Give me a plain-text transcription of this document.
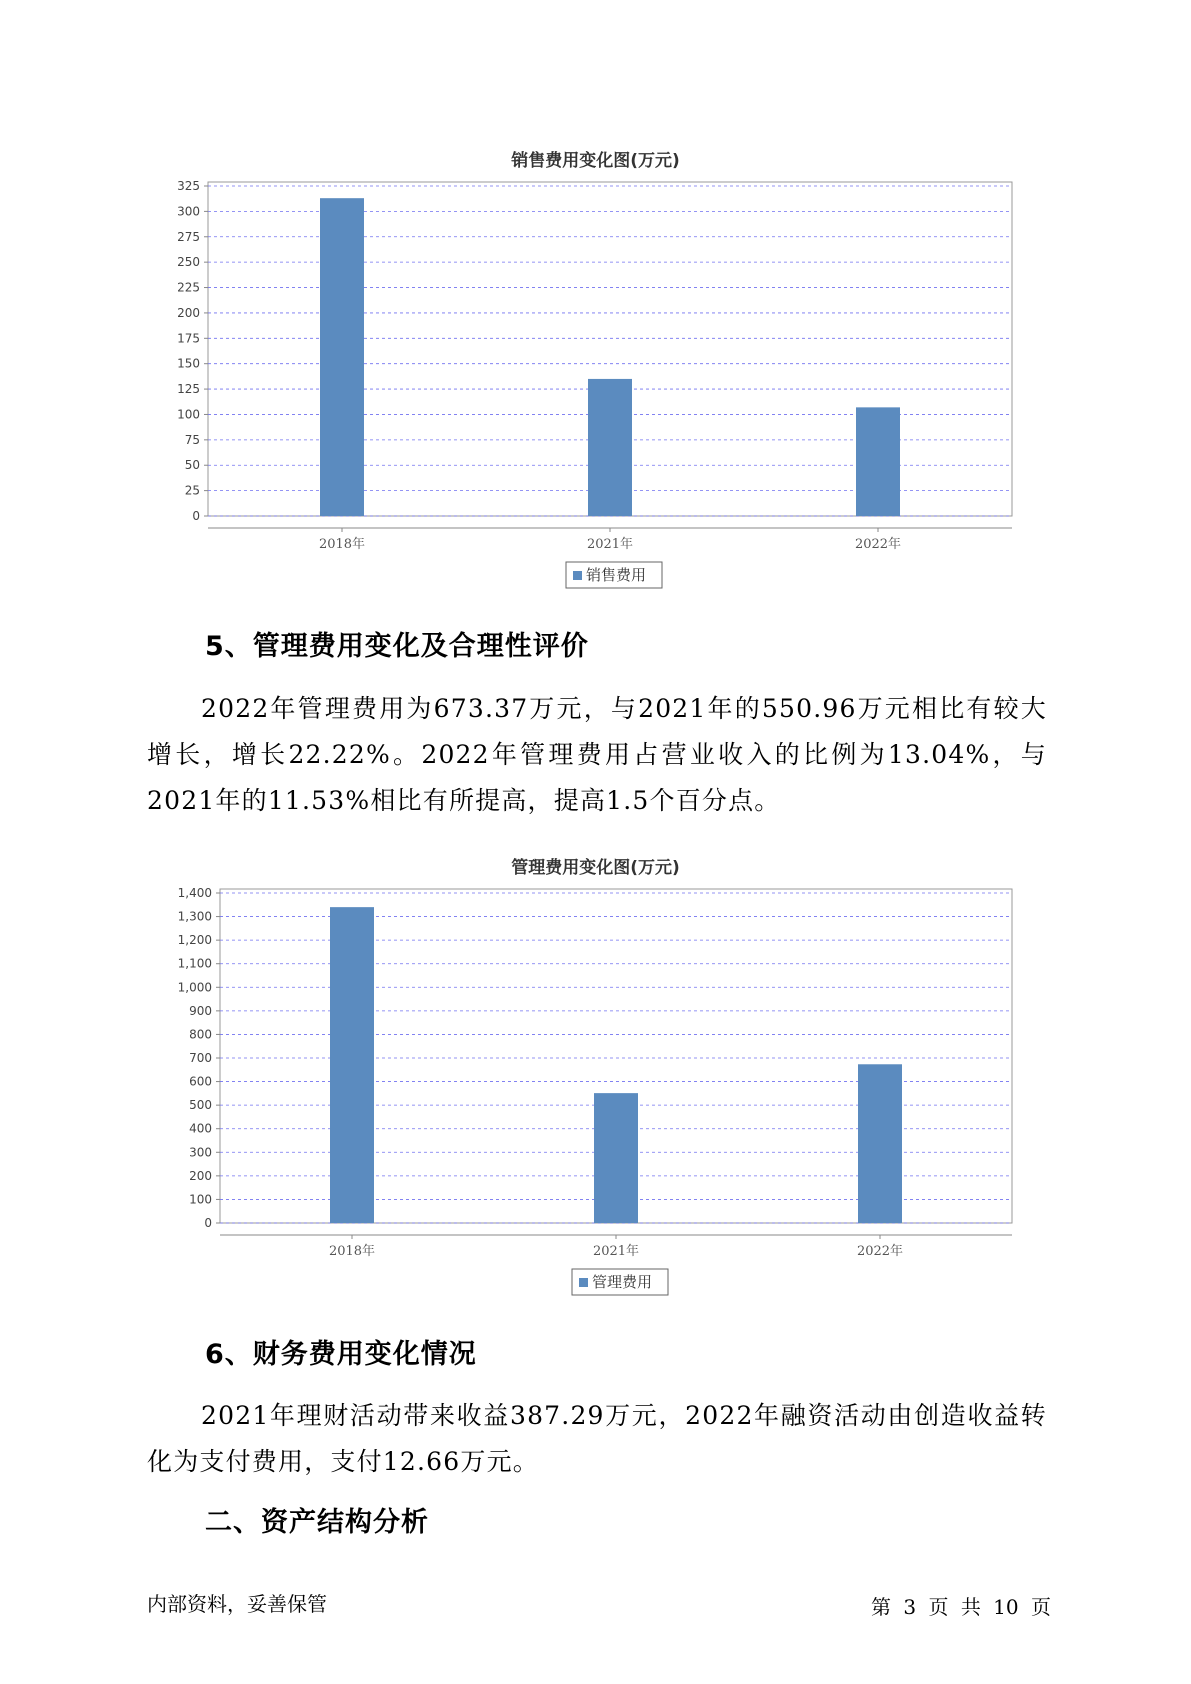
销售费用变化图(万元)
0
25
50
75
100
125
150
175
200
225
250
275
300
325
2018年	2021年	2022年
销售费用
5、管理费用变化及合理性评价
2022年管理费用为673.37万元，与2021年的550.96万元相比有较大增长，增长22.22%。2022年管理费用占营业收入的比例为13.04%，与2021年的11.53%相比有所提高，提高1.5个百分点。
管理费用变化图(万元)
0
100
200
300
400
500
600
700
800
900
1,000
1,100
1,200
1,300
1,400
2018年	2021年	2022年
管理费用
6、财务费用变化情况
2021年理财活动带来收益387.29万元，2022年融资活动由创造收益转化为支付费用，支付12.66万元。
二、资产结构分析
内部资料，妥善保管	第 3 页 共 10 页
